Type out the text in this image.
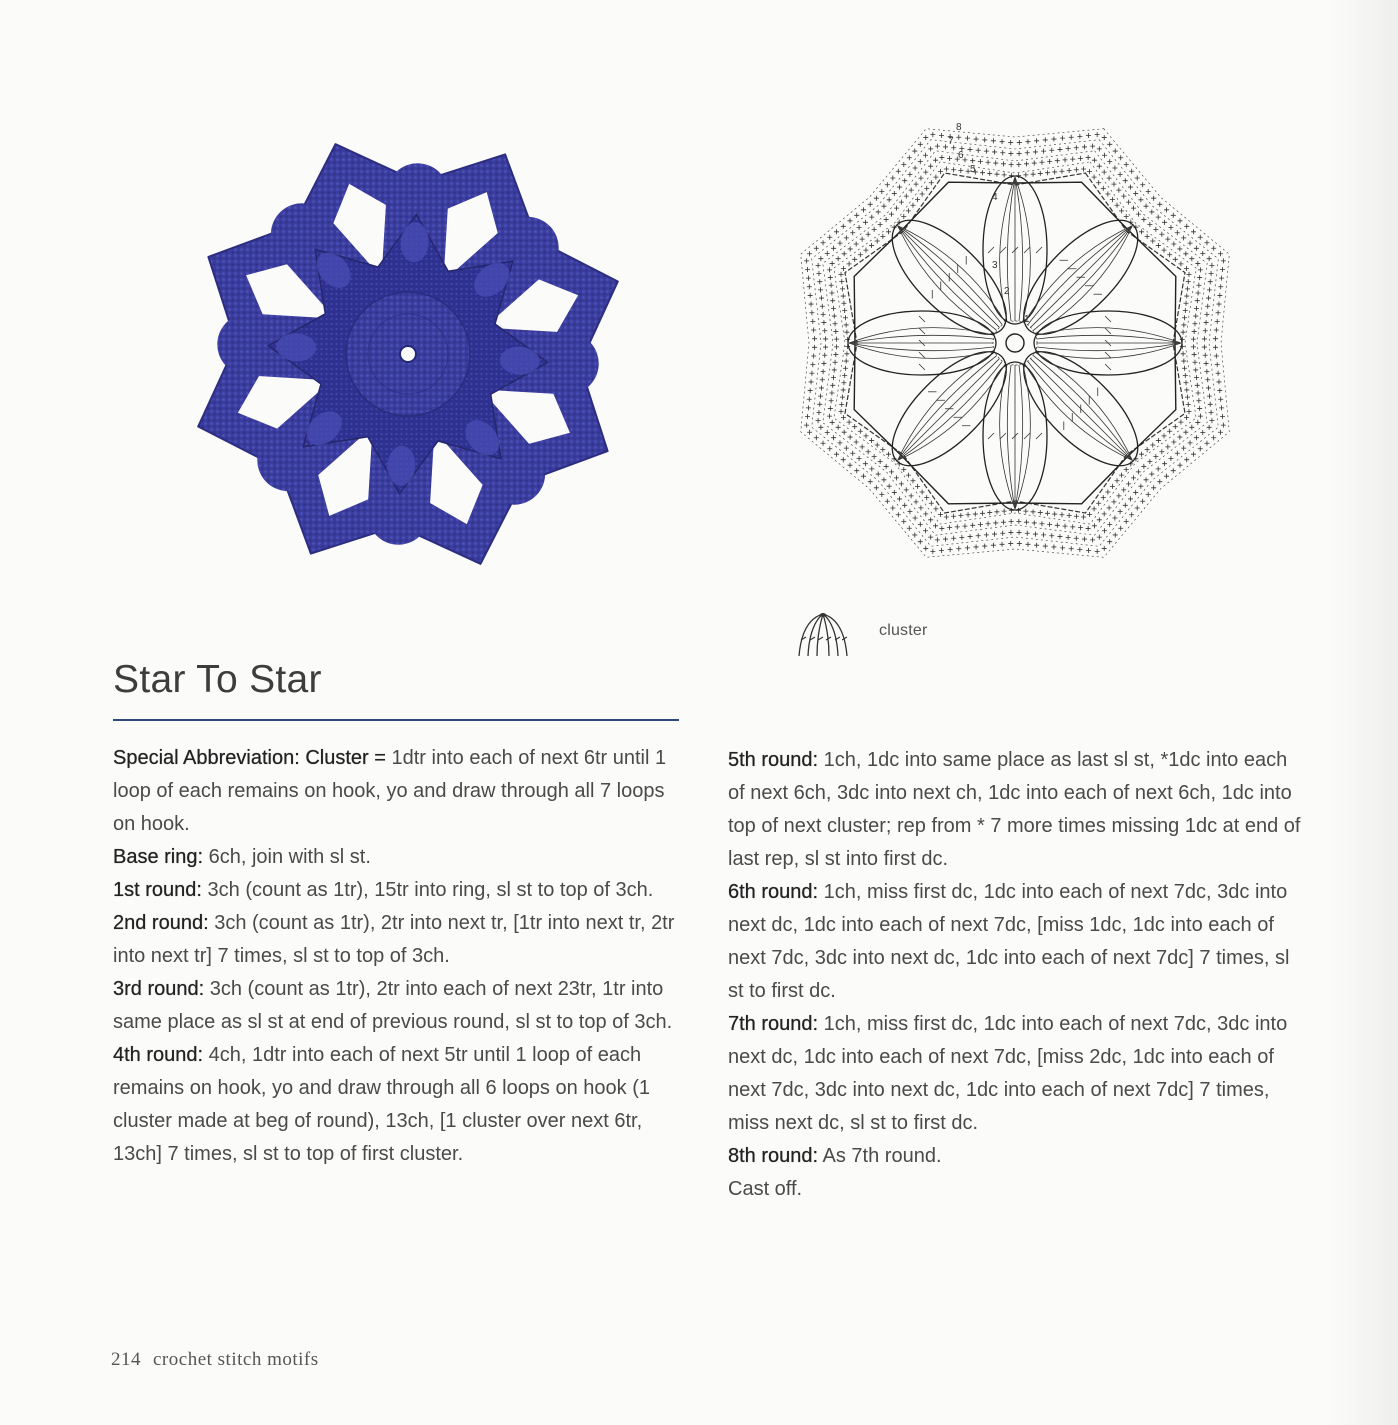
1
2
3
4
5
6
7
8
cluster
Star To Star

Special Abbreviation: Cluster = 1dtr into each of next 6tr until 1 loop of each remains on hook, yo and draw through all 7 loops on hook.

Base ring: 6ch, join with sl st.

1st round: 3ch (count as 1tr), 15tr into ring, sl st to top of 3ch.

2nd round: 3ch (count as 1tr), 2tr into next tr, [1tr into next tr, 2tr into next tr] 7 times, sl st to top of 3ch.

3rd round: 3ch (count as 1tr), 2tr into each of next 23tr, 1tr into same place as sl st at end of previous round, sl st to top of 3ch.

4th round: 4ch, 1dtr into each of next 5tr until 1 loop of each remains on hook, yo and draw through all 6 loops on hook (1 cluster made at beg of round), 13ch, [1 cluster over next 6tr, 13ch] 7 times, sl st to top of first cluster.

5th round: 1ch, 1dc into same place as last sl st, *1dc into each of next 6ch, 3dc into next ch, 1dc into each of next 6ch, 1dc into top of next cluster; rep from * 7 more times missing 1dc at end of last rep, sl st into first dc.

6th round: 1ch, miss first dc, 1dc into each of next 7dc, 3dc into next dc, 1dc into each of next 7dc, [miss 1dc, 1dc into each of next 7dc, 3dc into next dc, 1dc into each of next 7dc] 7 times, sl st to first dc.

7th round: 1ch, miss first dc, 1dc into each of next 7dc, 3dc into next dc, 1dc into each of next 7dc, [miss 2dc, 1dc into each of next 7dc, 3dc into next dc, 1dc into each of next 7dc] 7 times, miss next dc, sl st to first dc.

8th round: As 7th round.

Cast off.

214 crochet stitch motifs
